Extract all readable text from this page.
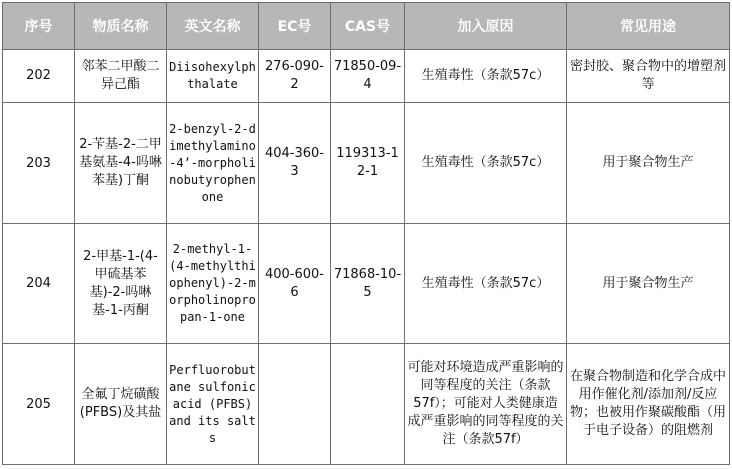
序号	物质名称	英文名称	EC号	CAS号	加入原因	常见用途
202	邻苯二甲酸二异己酯	Diisohexylphthalate	276-090-2	71850-09-4	生殖毒性（条款57c）	密封胶、聚合物中的增塑剂等
203	2-苄基-2-二甲基氨基-4-吗啉苯基)丁酮	2-benzyl-2-dimethylamino-4’-morpholinobutyrophenone	404-360-3	119313-12-1	生殖毒性（条款57c）	用于聚合物生产
204	2-甲基-1-(4-甲硫基苯基)-2-吗啉基-1-丙酮	2-methyl-1-(4-methylthiophenyl)-2-morpholinopropan-1-one	400-600-6	71868-10-5	生殖毒性（条款57c）	用于聚合物生产
205	全氟丁烷磺酸(PFBS)及其盐	Perfluorobutane sulfonicacid (PFBS) and its salts			可能对环境造成严重影响的同等程度的关注（条款57f）；可能对人类健康造成严重影响的同等程度的关注（条款57f）	在聚合物制造和化学合成中用作催化剂/添加剂/反应物；也被用作聚碳酸酯（用于电子设备）的阻燃剂
